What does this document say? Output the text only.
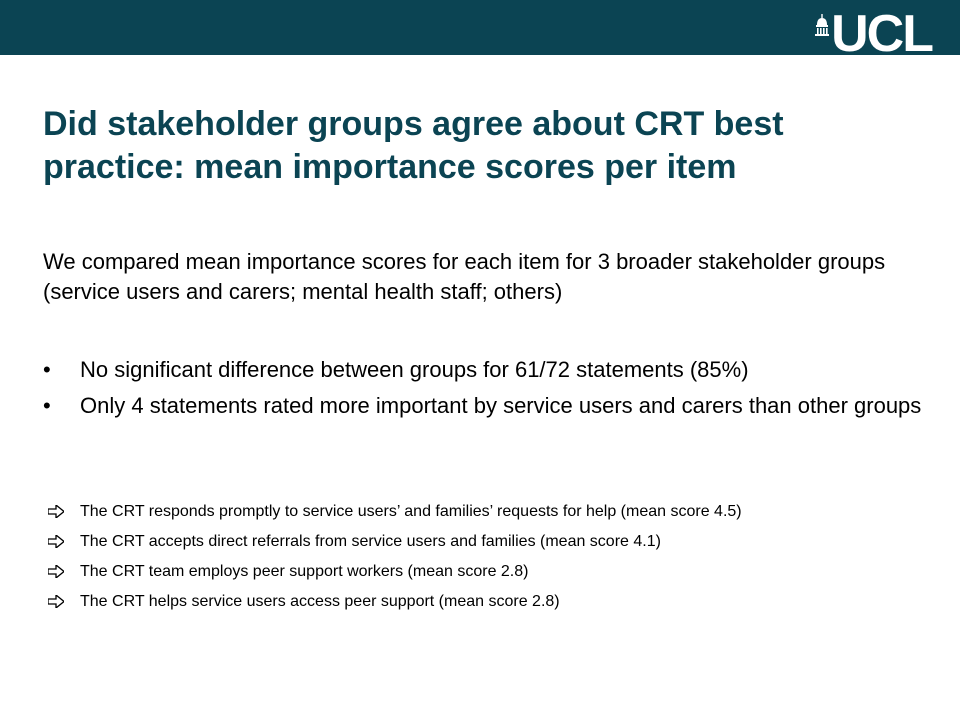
UCL
Did stakeholder groups agree about CRT best practice: mean importance scores per item

We compared mean importance scores for each item for 3 broader stakeholder groups (service users and carers; mental health staff; others)

•	No significant difference between groups for 61/72 statements (85%)
•	Only 4 statements rated more important by service users and carers than other groups
The CRT responds promptly to service users’ and families’ requests for help (mean score 4.5)
The CRT accepts direct referrals from service users and families (mean score 4.1)
The CRT team employs peer support workers (mean score 2.8)
The CRT helps service users access peer support (mean score 2.8)
